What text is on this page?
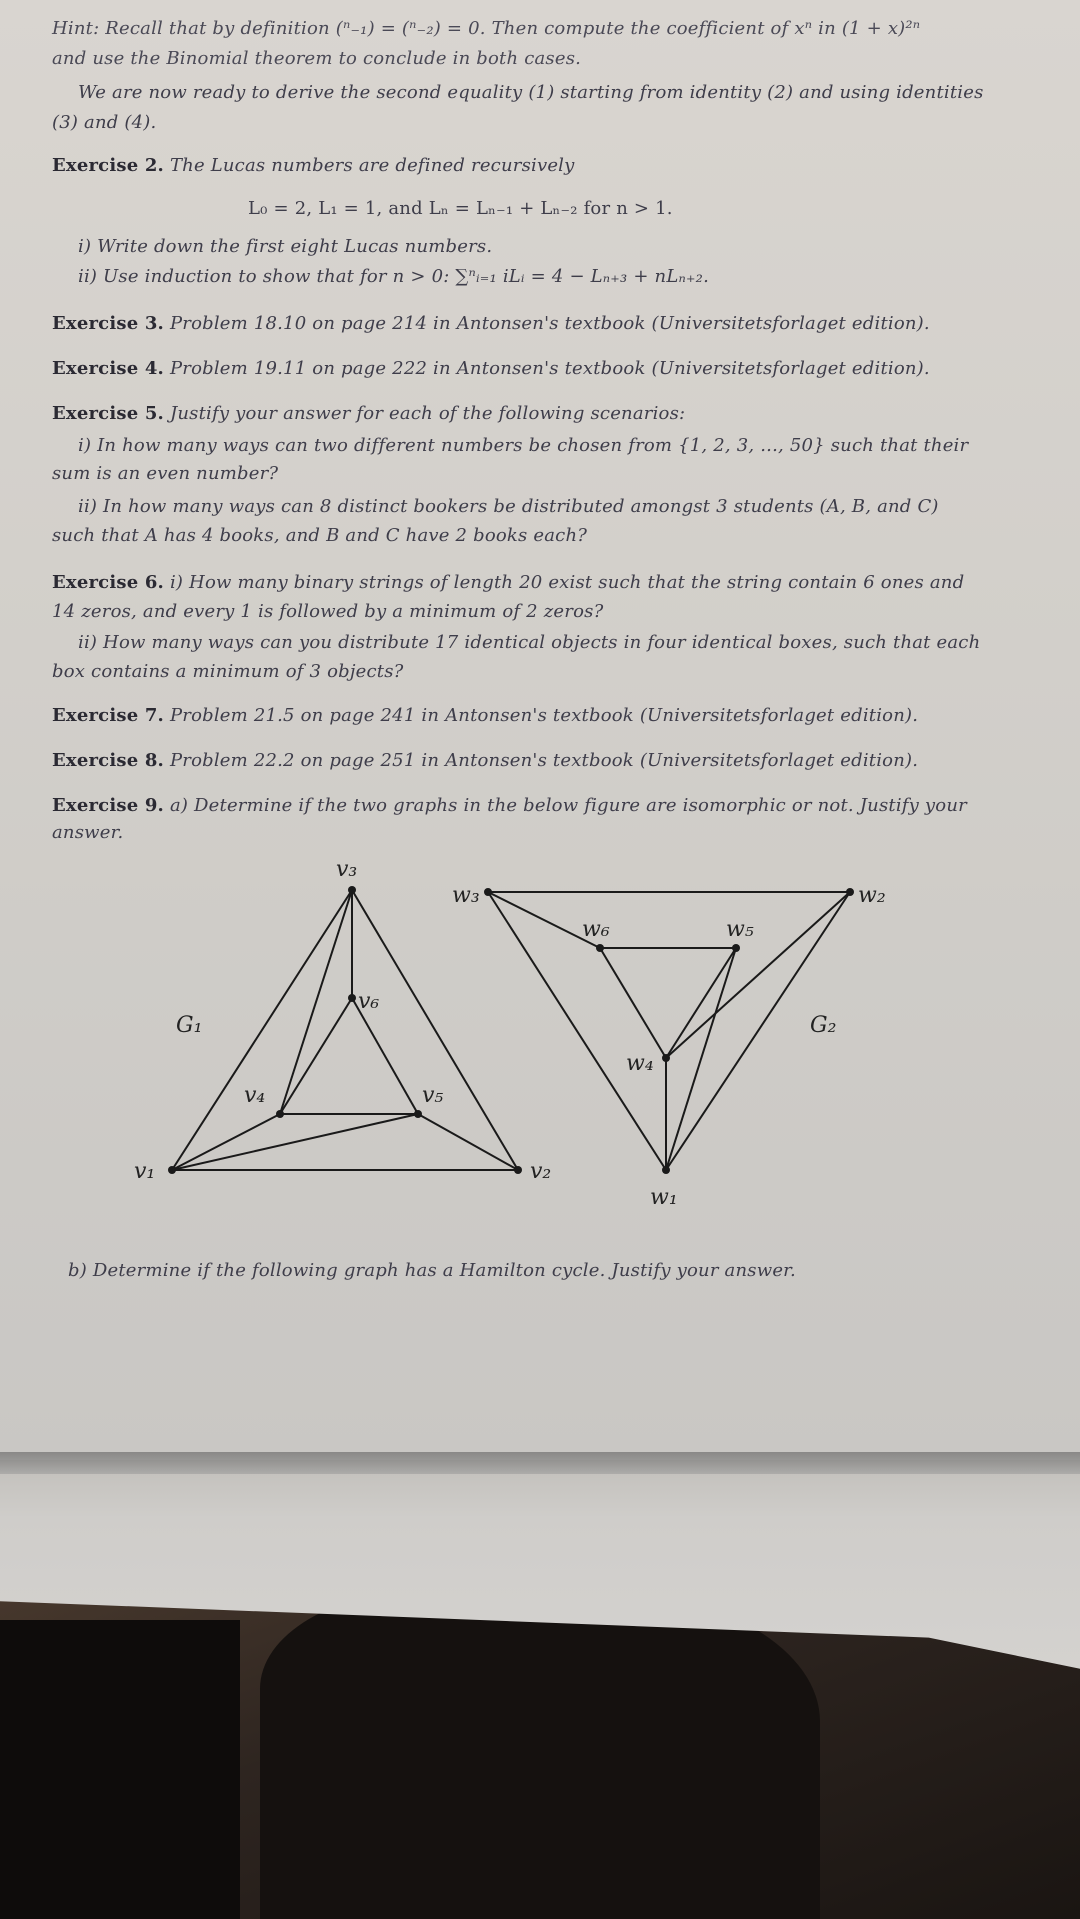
Hint: Recall that by definition (ⁿ₋₁) = (ⁿ₋₂) = 0. Then compute the coefficient of xⁿ in (1 + x)²ⁿ
and use the Binomial theorem to conclude in both cases.
We are now ready to derive the second equality (1) starting from identity (2) and using identities
(3) and (4).
Exercise 2. The Lucas numbers are defined recursively
L₀ = 2, L₁ = 1, and Lₙ = Lₙ₋₁ + Lₙ₋₂ for n > 1.
i) Write down the first eight Lucas numbers.
ii) Use induction to show that for n > 0: ∑ⁿᵢ₌₁ iLᵢ = 4 − Lₙ₊₃ + nLₙ₊₂.
Exercise 3. Problem 18.10 on page 214 in Antonsen's textbook (Universitetsforlaget edition).
Exercise 4. Problem 19.11 on page 222 in Antonsen's textbook (Universitetsforlaget edition).
Exercise 5. Justify your answer for each of the following scenarios:
i) In how many ways can two different numbers be chosen from {1, 2, 3, ..., 50} such that their
sum is an even number?
ii) In how many ways can 8 distinct bookers be distributed amongst 3 students (A, B, and C)
such that A has 4 books, and B and C have 2 books each?
Exercise 6. i) How many binary strings of length 20 exist such that the string contain 6 ones and
14 zeros, and every 1 is followed by a minimum of 2 zeros?
ii) How many ways can you distribute 17 identical objects in four identical boxes, such that each
box contains a minimum of 3 objects?
Exercise 7. Problem 21.5 on page 241 in Antonsen's textbook (Universitetsforlaget edition).
Exercise 8. Problem 22.2 on page 251 in Antonsen's textbook (Universitetsforlaget edition).
Exercise 9. a) Determine if the two graphs in the below figure are isomorphic or not. Justify your
answer.
v₃
v₁	v₂
v₆
v₄	v₅
G₁
w₃	w₂
w₁
w₆	w₅
w₄
G₂
b) Determine if the following graph has a Hamilton cycle. Justify your answer.
